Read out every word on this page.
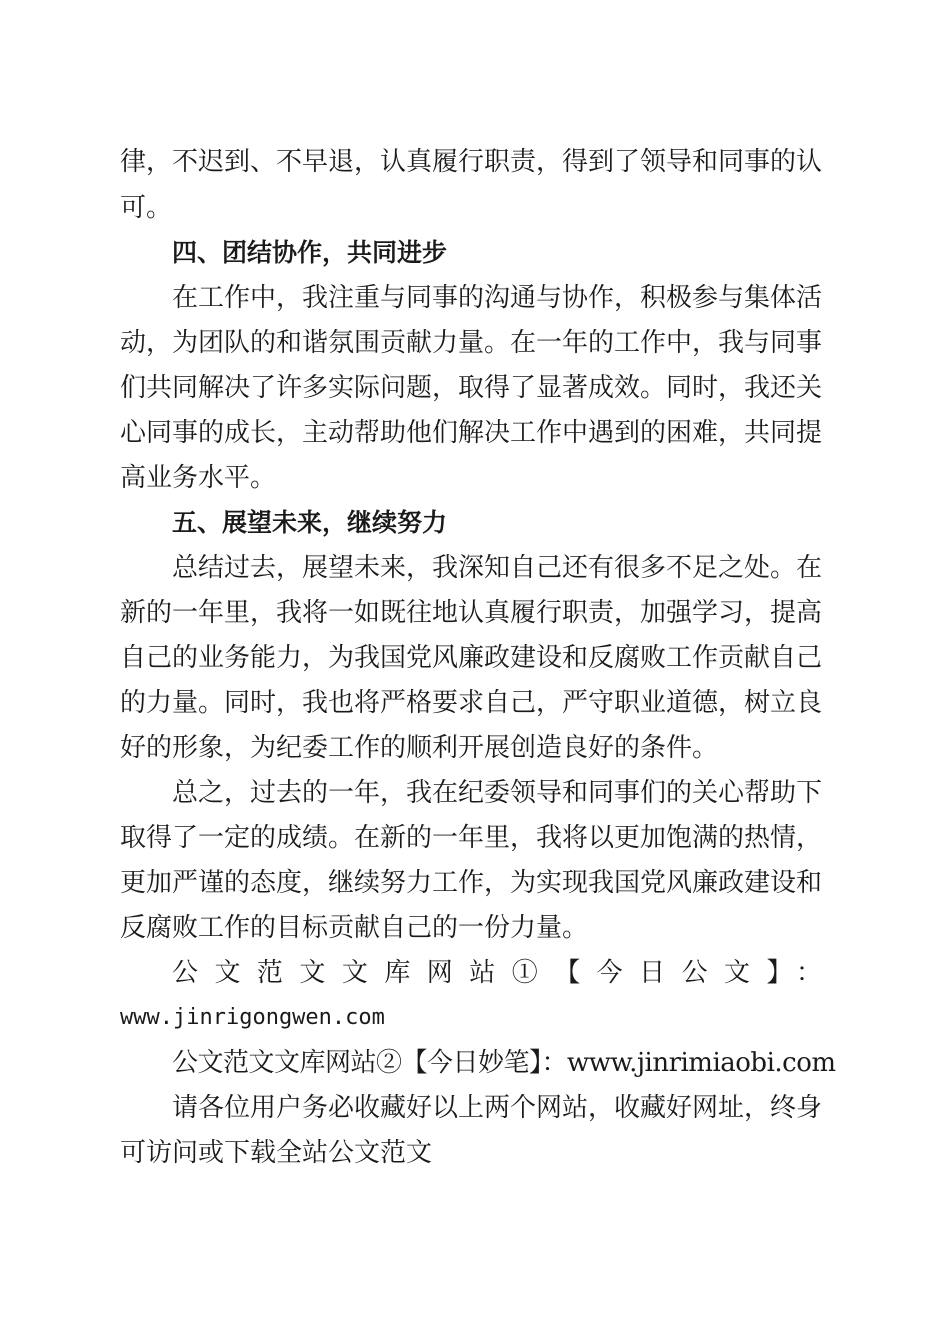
律，不迟到、不早退，认真履行职责，得到了领导和同事的认
可。
四、团结协作，共同进步
在工作中，我注重与同事的沟通与协作，积极参与集体活
动，为团队的和谐氛围贡献力量。在一年的工作中，我与同事
们共同解决了许多实际问题，取得了显著成效。同时，我还关
心同事的成长，主动帮助他们解决工作中遇到的困难，共同提
高业务水平。
五、展望未来，继续努力
总结过去，展望未来，我深知自己还有很多不足之处。在
新的一年里，我将一如既往地认真履行职责，加强学习，提高
自己的业务能力，为我国党风廉政建设和反腐败工作贡献自己
的力量。同时，我也将严格要求自己，严守职业道德，树立良
好的形象，为纪委工作的顺利开展创造良好的条件。
总之，过去的一年，我在纪委领导和同事们的关心帮助下
取得了一定的成绩。在新的一年里，我将以更加饱满的热情，
更加严谨的态度，继续努力工作，为实现我国党风廉政建设和
反腐败工作的目标贡献自己的一份力量。
公文范文文库网站①【今日公文】：
www.jinrigongwen.com
公文范文文库网站②【今日妙笔】：www.jinrimiaobi.com
请各位用户务必收藏好以上两个网站，收藏好网址，终身
可访问或下载全站公文范文
